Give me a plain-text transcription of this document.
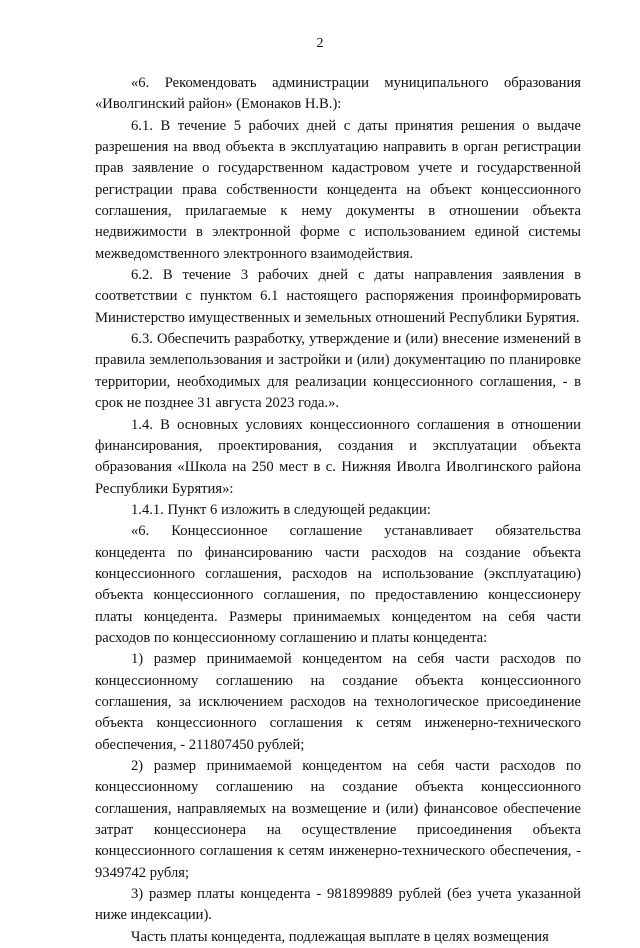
2

«6. Рекомендовать администрации муниципального образования «Иволгинский район» (Емонаков Н.В.):

6.1. В течение 5 рабочих дней с даты принятия решения о выдаче разрешения на ввод объекта в эксплуатацию направить в орган регистрации прав заявление о государственном кадастровом учете и государственной регистрации права собственности концедента на объект концессионного соглашения, прилагаемые к нему документы в отношении объекта недвижимости в электронной форме с использованием единой системы межведомственного электронного взаимодействия.

6.2. В течение 3 рабочих дней с даты направления заявления в соответствии с пунктом 6.1 настоящего распоряжения проинформировать Министерство имущественных и земельных отношений Республики Бурятия.

6.3. Обеспечить разработку, утверждение и (или) внесение изменений в правила землепользования и застройки и (или) документацию по планировке территории, необходимых для реализации концессионного соглашения, - в срок не позднее 31 августа 2023 года.».

1.4. В основных условиях концессионного соглашения в отношении финансирования, проектирования, создания и эксплуатации объекта образования «Школа на 250 мест в с. Нижняя Иволга Иволгинского района Республики Бурятия»:

1.4.1. Пункт 6 изложить в следующей редакции:

«6. Концессионное соглашение устанавливает обязательства концедента по финансированию части расходов на создание объекта концессионного соглашения, расходов на использование (эксплуатацию) объекта концессионного соглашения, по предоставлению концессионеру платы концедента. Размеры принимаемых концедентом на себя части расходов по концессионному соглашению и платы концедента:

1) размер принимаемой концедентом на себя части расходов по концессионному соглашению на создание объекта концессионного соглашения, за исключением расходов на технологическое присоединение объекта концессионного соглашения к сетям инженерно-технического обеспечения, - 211807450 рублей;

2) размер принимаемой концедентом на себя части расходов по концессионному соглашению на создание объекта концессионного соглашения, направляемых на возмещение и (или) финансовое обеспечение затрат концессионера на осуществление присоединения объекта концессионного соглашения к сетям инженерно-технического обеспечения, - 9349742 рубля;

3) размер платы концедента - 981899889 рублей (без учета указанной ниже индексации).

Часть платы концедента, подлежащая выплате в целях возмещения
